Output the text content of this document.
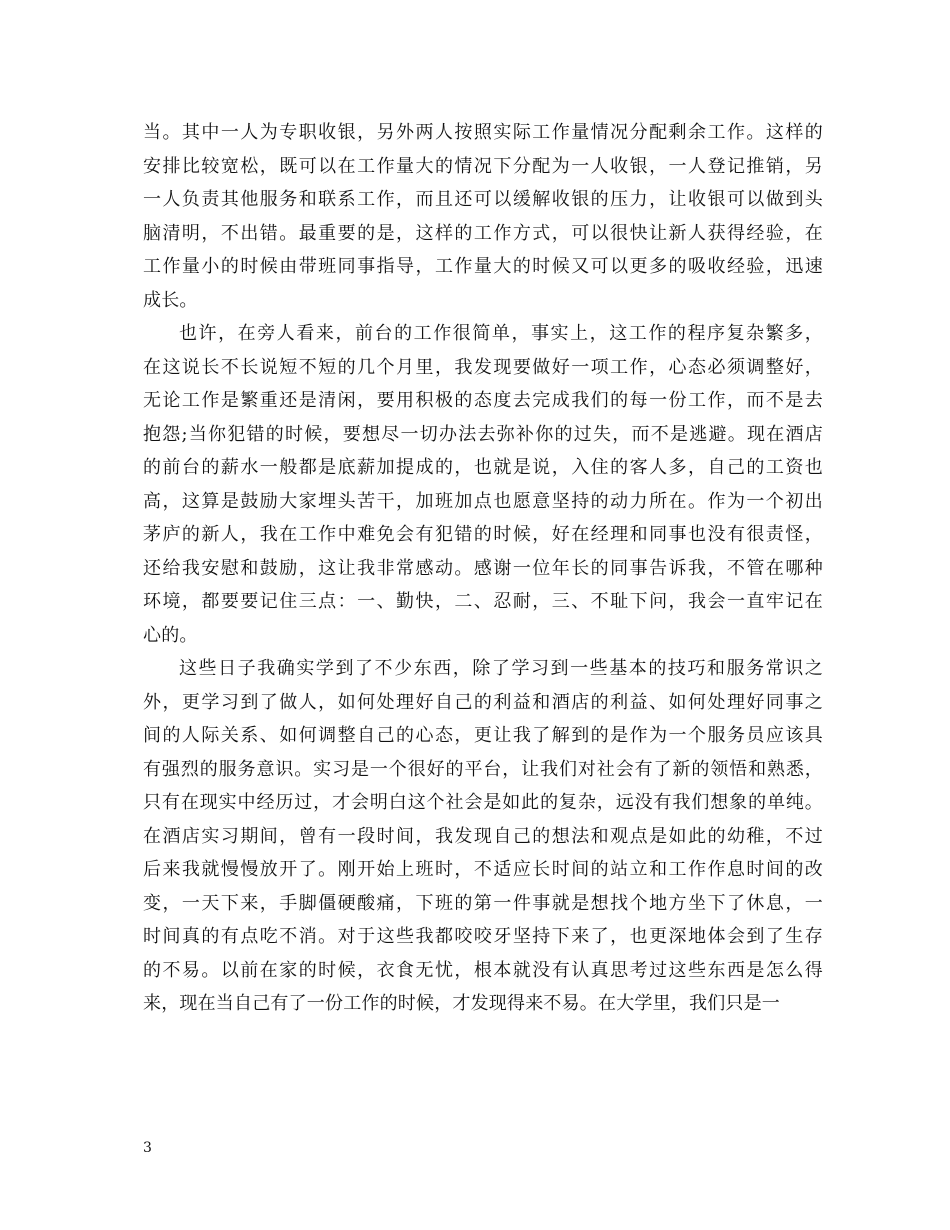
当。其中一人为专职收银，另外两人按照实际工作量情况分配剩余工作。这样的
安排比较宽松，既可以在工作量大的情况下分配为一人收银，一人登记推销，另
一人负责其他服务和联系工作，而且还可以缓解收银的压力，让收银可以做到头
脑清明，不出错。最重要的是，这样的工作方式，可以很快让新人获得经验，在
工作量小的时候由带班同事指导，工作量大的时候又可以更多的吸收经验，迅速
成长。
也许，在旁人看来，前台的工作很简单，事实上，这工作的程序复杂繁多，
在这说长不长说短不短的几个月里，我发现要做好一项工作，心态必须调整好，
无论工作是繁重还是清闲，要用积极的态度去完成我们的每一份工作，而不是去
抱怨;当你犯错的时候，要想尽一切办法去弥补你的过失，而不是逃避。现在酒店
的前台的薪水一般都是底薪加提成的，也就是说，入住的客人多，自己的工资也
高，这算是鼓励大家埋头苦干，加班加点也愿意坚持的动力所在。作为一个初出
茅庐的新人，我在工作中难免会有犯错的时候，好在经理和同事也没有很责怪，
还给我安慰和鼓励，这让我非常感动。感谢一位年长的同事告诉我，不管在哪种
环境，都要要记住三点：一、勤快，二、忍耐，三、不耻下问，我会一直牢记在
心的。
这些日子我确实学到了不少东西，除了学习到一些基本的技巧和服务常识之
外，更学习到了做人，如何处理好自己的利益和酒店的利益、如何处理好同事之
间的人际关系、如何调整自己的心态，更让我了解到的是作为一个服务员应该具
有强烈的服务意识。实习是一个很好的平台，让我们对社会有了新的领悟和熟悉，
只有在现实中经历过，才会明白这个社会是如此的复杂，远没有我们想象的单纯。
在酒店实习期间，曾有一段时间，我发现自己的想法和观点是如此的幼稚，不过
后来我就慢慢放开了。刚开始上班时，不适应长时间的站立和工作作息时间的改
变，一天下来，手脚僵硬酸痛，下班的第一件事就是想找个地方坐下了休息，一
时间真的有点吃不消。对于这些我都咬咬牙坚持下来了，也更深地体会到了生存
的不易。以前在家的时候，衣食无忧，根本就没有认真思考过这些东西是怎么得
来，现在当自己有了一份工作的时候，才发现得来不易。在大学里，我们只是一
3
